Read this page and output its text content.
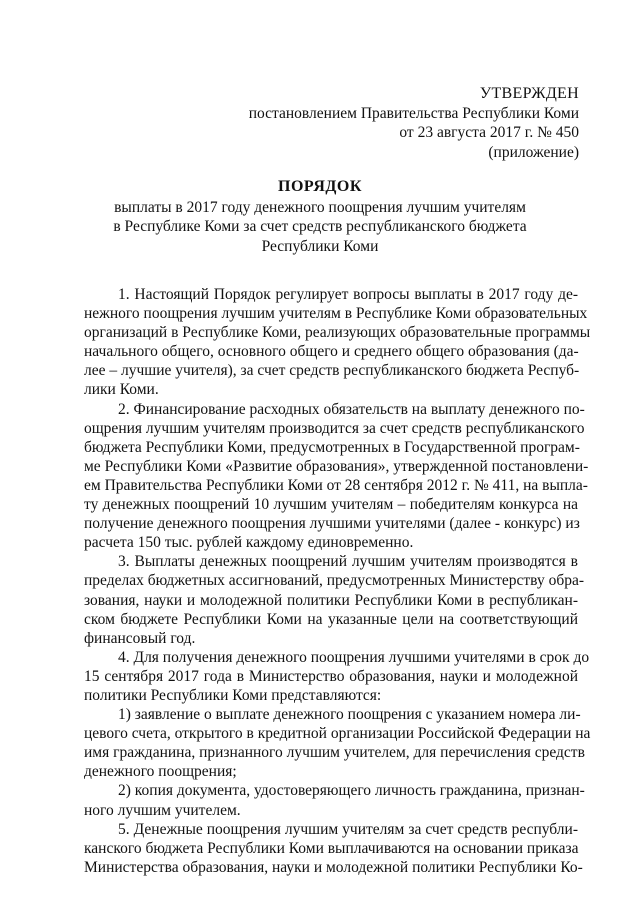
УТВЕРЖДЕН
постановлением Правительства Республики Коми
от 23 августа 2017 г. № 450
(приложение)
ПОРЯДОК
выплаты в 2017 году денежного поощрения лучшим учителям
в Республике Коми за счет средств республиканского бюджета
Республики Коми

1. Настоящий Порядок регулирует вопросы выплаты в 2017 году де-

нежного поощрения лучшим учителям в Республике Коми образовательных

организаций в Республике Коми, реализующих образовательные программы

начального общего, основного общего и среднего общего образования (да-

лее – лучшие учителя), за счет средств республиканского бюджета Респуб-

лики Коми.

2. Финансирование расходных обязательств на выплату денежного по-

ощрения лучшим учителям производится за счет средств республиканского

бюджета Республики Коми, предусмотренных в Государственной програм-

ме Республики Коми «Развитие образования», утвержденной постановлени-

ем Правительства Республики Коми от 28 сентября 2012 г. № 411, на выпла-

ту денежных поощрений 10 лучшим учителям – победителям конкурса на

получение денежного поощрения лучшими учителями (далее - конкурс) из

расчета 150 тыс. рублей каждому единовременно.

3. Выплаты денежных поощрений лучшим учителям производятся в

пределах бюджетных ассигнований, предусмотренных Министерству обра-

зования, науки и молодежной политики Республики Коми в республикан-

ском бюджете Республики Коми на указанные цели на соответствующий

финансовый год.

4. Для получения денежного поощрения лучшими учителями в срок до

15 сентября 2017 года в Министерство образования, науки и молодежной

политики Республики Коми представляются:

1) заявление о выплате денежного поощрения с указанием номера ли-

цевого счета, открытого в кредитной организации Российской Федерации на

имя гражданина, признанного лучшим учителем, для перечисления средств

денежного поощрения;

2) копия документа, удостоверяющего личность гражданина, признан-

ного лучшим учителем.

5. Денежные поощрения лучшим учителям за счет средств республи-

канского бюджета Республики Коми выплачиваются на основании приказа

Министерства образования, науки и молодежной политики Республики Ко-
